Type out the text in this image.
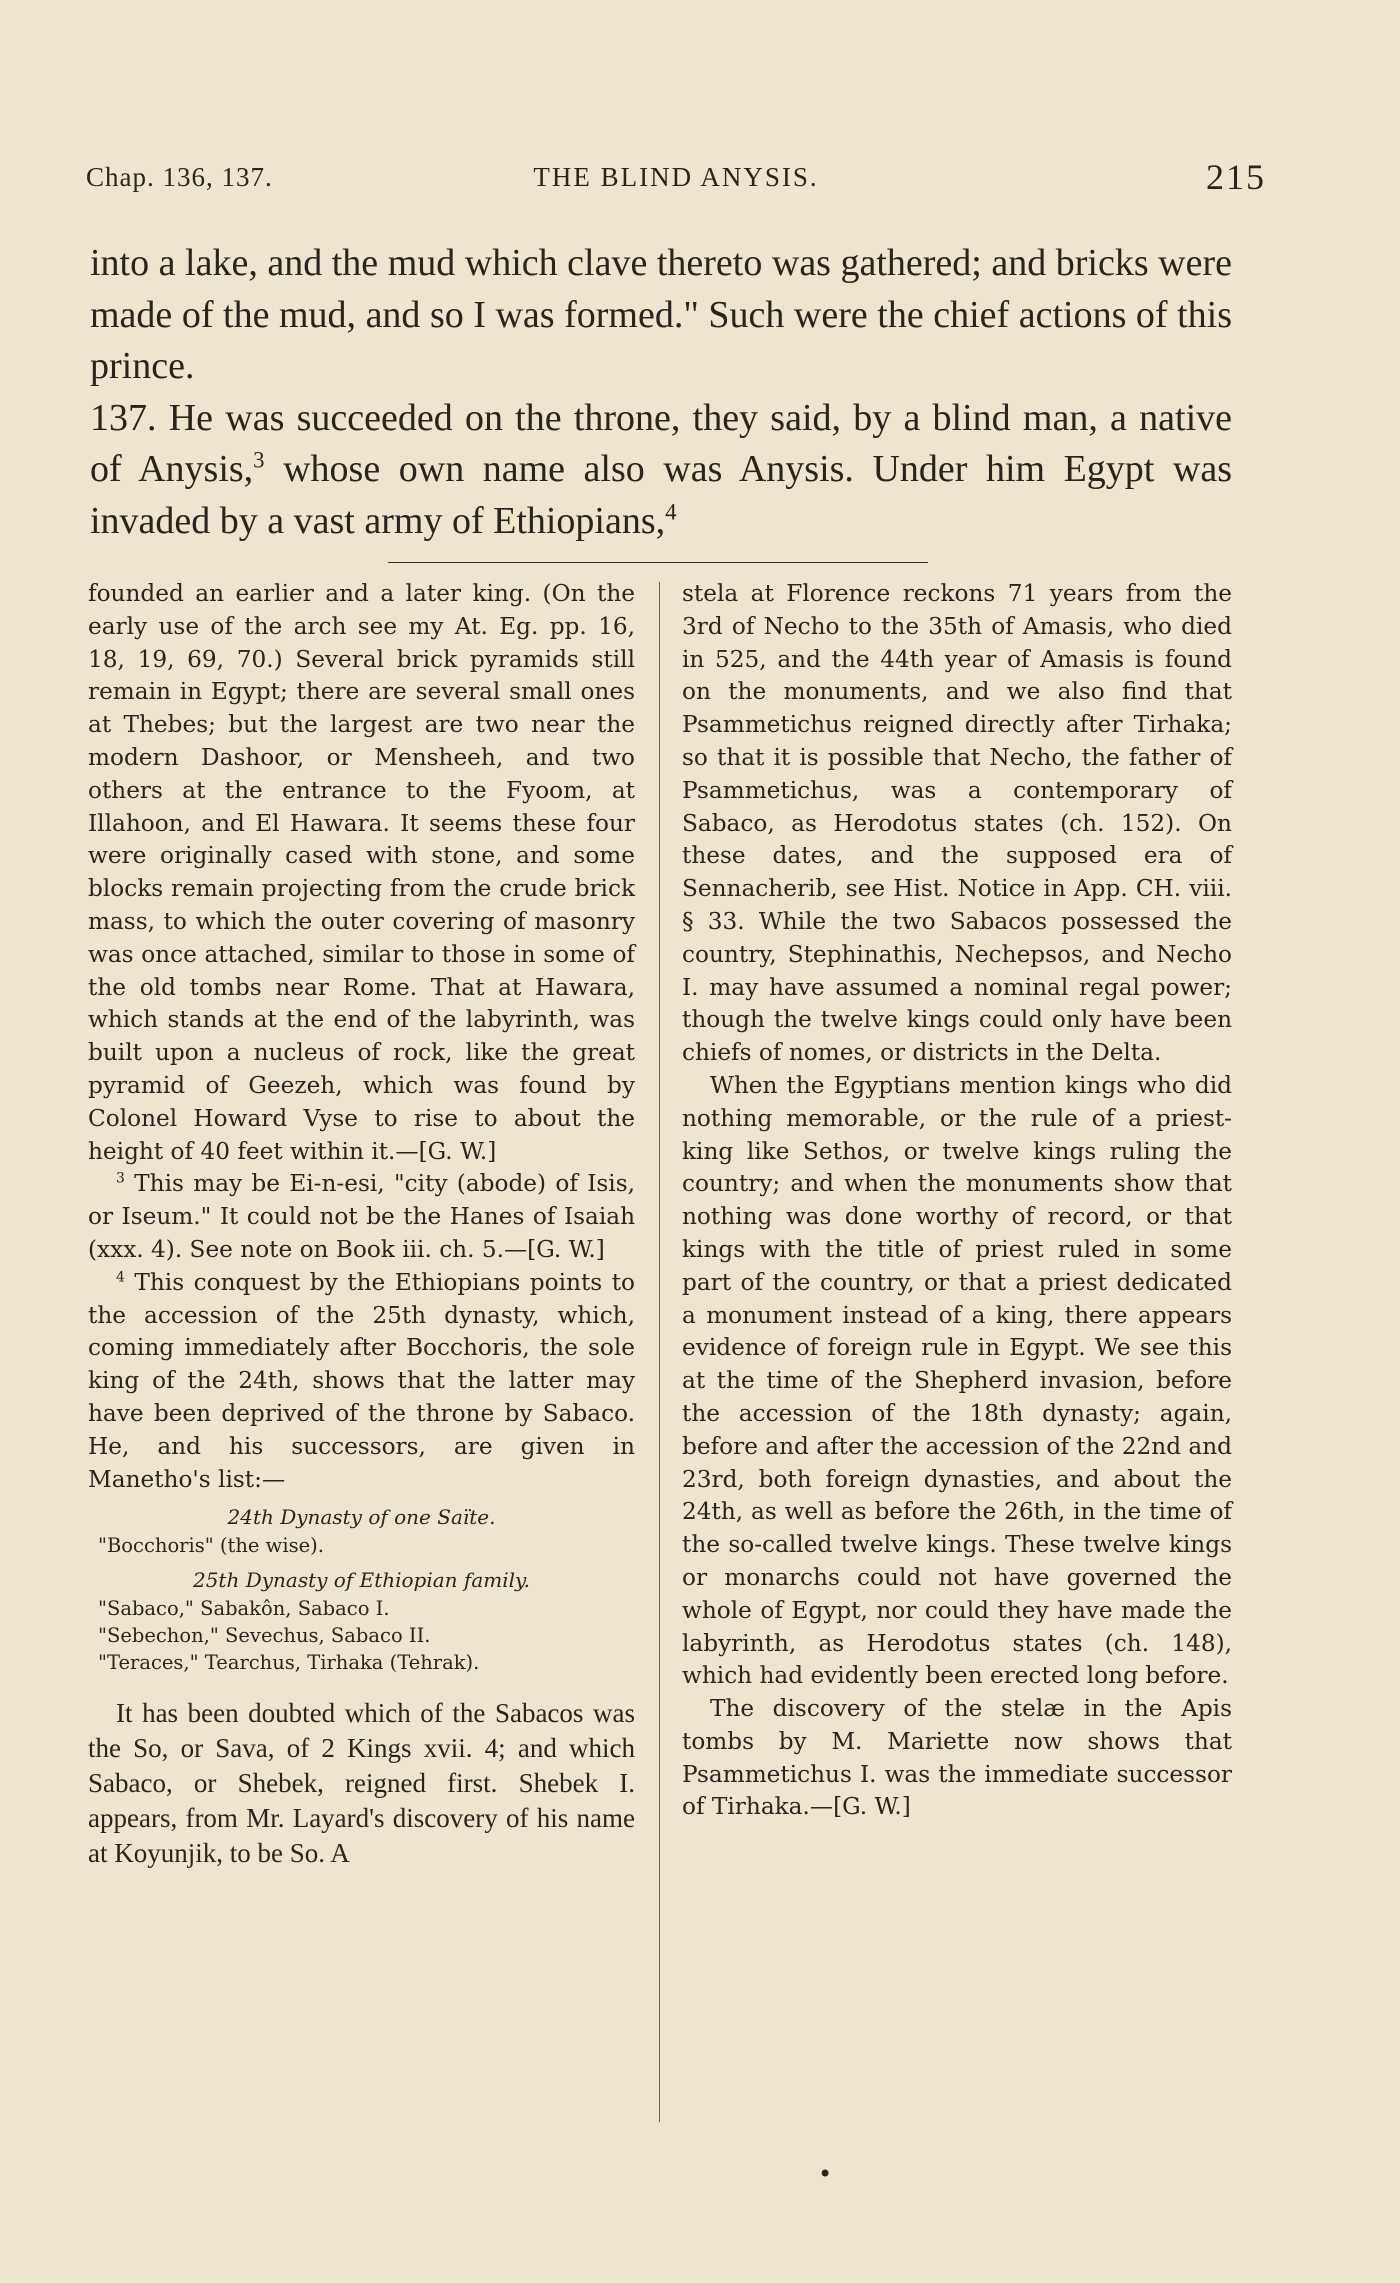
Chap. 136, 137.	THE BLIND ANYSIS.	215

into a lake, and the mud which clave thereto was gathered; and bricks were made of the mud, and so I was formed." Such were the chief actions of this prince.

137. He was succeeded on the throne, they said, by a blind man, a native of Anysis,$^3$ whose own name also was Anysis. Under him Egypt was invaded by a vast army of Ethiopians,$^4$

founded an earlier and a later king. (On the early use of the arch see my At. Eg. pp. 16, 18, 19, 69, 70.) Several brick pyramids still remain in Egypt; there are several small ones at Thebes; but the largest are two near the modern Dashoor, or Mensheeh, and two others at the entrance to the Fyoom, at Illahoon, and El Hawara. It seems these four were originally cased with stone, and some blocks remain projecting from the crude brick mass, to which the outer covering of masonry was once attached, similar to those in some of the old tombs near Rome. That at Hawara, which stands at the end of the labyrinth, was built upon a nucleus of rock, like the great pyramid of Geezeh, which was found by Colonel Howard Vyse to rise to about the height of 40 feet within it.—[G. W.]

$^3$ This may be Ei-n-esi, "city (abode) of Isis, or Iseum." It could not be the Hanes of Isaiah (xxx. 4). See note on Book iii. ch. 5.—[G. W.]

$^4$ This conquest by the Ethiopians points to the accession of the 25th dynasty, which, coming immediately after Bocchoris, the sole king of the 24th, shows that the latter may have been deprived of the throne by Sabaco. He, and his successors, are given in Manetho's list:—

24th Dynasty of one Saïte.

"Bocchoris" (the wise).

25th Dynasty of Ethiopian family.

"Sabaco," Sabakôn, Sabaco I.

"Sebechon," Sevechus, Sabaco II.

"Teraces," Tearchus, Tirhaka (Tehrak).

It has been doubted which of the Sabacos was the So, or Sava, of 2 Kings xvii. 4; and which Sabaco, or Shebek, reigned first. Shebek I. appears, from Mr. Layard's discovery of his name at Koyunjik, to be So. A

stela at Florence reckons 71 years from the 3rd of Necho to the 35th of Amasis, who died in 525, and the 44th year of Amasis is found on the monuments, and we also find that Psammetichus reigned directly after Tirhaka; so that it is possible that Necho, the father of Psammetichus, was a contemporary of Sabaco, as Herodotus states (ch. 152). On these dates, and the supposed era of Sennacherib, see Hist. Notice in App. CH. viii. § 33. While the two Sabacos possessed the country, Stephinathis, Nechepsos, and Necho I. may have assumed a nominal regal power; though the twelve kings could only have been chiefs of nomes, or districts in the Delta.

When the Egyptians mention kings who did nothing memorable, or the rule of a priest-king like Sethos, or twelve kings ruling the country; and when the monuments show that nothing was done worthy of record, or that kings with the title of priest ruled in some part of the country, or that a priest dedicated a monument instead of a king, there appears evidence of foreign rule in Egypt. We see this at the time of the Shepherd invasion, before the accession of the 18th dynasty; again, before and after the accession of the 22nd and 23rd, both foreign dynasties, and about the 24th, as well as before the 26th, in the time of the so-called twelve kings. These twelve kings or monarchs could not have governed the whole of Egypt, nor could they have made the labyrinth, as Herodotus states (ch. 148), which had evidently been erected long before.

The discovery of the stelæ in the Apis tombs by M. Mariette now shows that Psammetichus I. was the immediate successor of Tirhaka.—[G. W.]

•
